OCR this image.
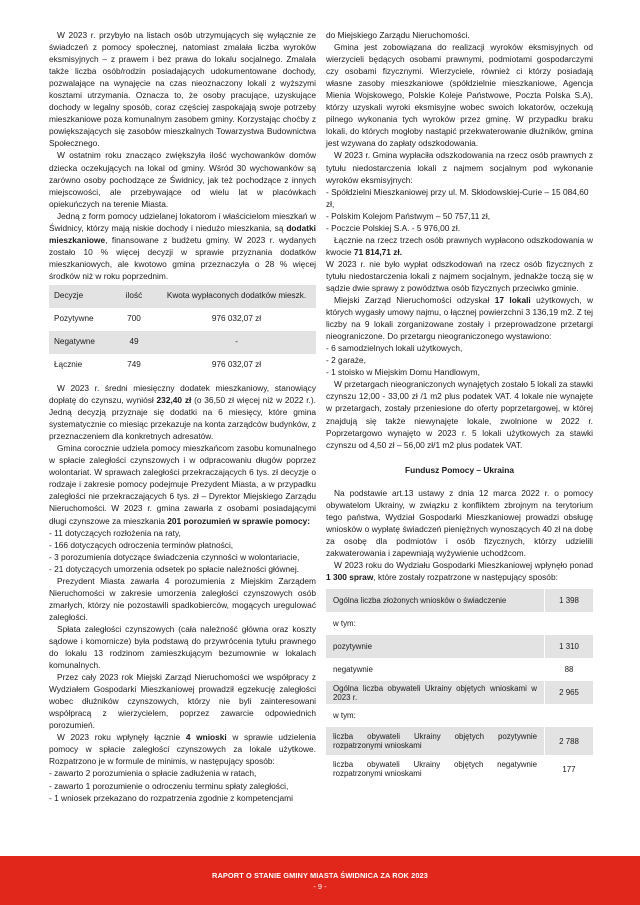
W 2023 r. przybyło na listach osób utrzymujących się wyłącznie ze świadczeń z pomocy społecznej, natomiast zmalała liczba wyroków eksmisyjnych – z prawem i bez prawa do lokalu socjalnego. Zmalała także liczba osób/rodzin posiadających udokumentowane dochody, pozwalające na wynajęcie na czas nieoznaczony lokali z wyższymi kosztami utrzymania. Oznacza to, że osoby pracujące, uzyskujące dochody w legalny sposób, coraz częściej zaspokajają swoje potrzeby mieszkaniowe poza komunalnym zasobem gminy. Korzystając choćby z powiększających się zasobów mieszkalnych Towarzystwa Budownictwa Społecznego.

W ostatnim roku znacząco zwiększyła ilość wychowanków domów dziecka oczekujących na lokal od gminy. Wśród 30 wychowanków są zarówno osoby pochodzące ze Świdnicy, jak też pochodzące z innych miejscowości, ale przebywające od wielu lat w placówkach opiekuńczych na terenie Miasta.

Jedną z form pomocy udzielanej lokatorom i właścicielom mieszkań w Świdnicy, którzy mają niskie dochody i niedużo mieszkania, są dodatki mieszkaniowe, finansowane z budżetu gminy. W 2023 r. wydanych zostało 10 % więcej decyzji w sprawie przyznania dodatków mieszkaniowych, ale kwotowo gmina przeznaczyła o 28 % więcej środków niż w roku poprzednim.

Decyzje	ilość	Kwota wypłaconych dodatków mieszk.
Pozytywne	700	976 032,07 zł
Negatywne	49	-
Łącznie	749	976 032,07 zł

W 2023 r. średni miesięczny dodatek mieszkaniowy, stanowiący dopłatę do czynszu, wyniósł 232,40 zł (o 36,50 zł więcej niż w 2022 r.). Jedną decyzją przyznaje się dodatki na 6 miesięcy, które gmina systematycznie co miesiąc przekazuje na konta zarządców budynków, z przeznaczeniem dla konkretnych adresatów.

Gmina corocznie udziela pomocy mieszkańcom zasobu komunalnego w spłacie zaległości czynszowych i w odpracowaniu długów poprzez wolontariat. W sprawach zaległości przekraczających 6 tys. zł decyzje o rodzaje i zakresie pomocy podejmuje Prezydent Miasta, a w przypadku zaległości nie przekraczających 6 tys. zł – Dyrektor Miejskiego Zarządu Nieruchomości. W 2023 r. gmina zawarła z osobami posiadającymi długi czynszowe za mieszkania 201 porozumień w sprawie pomocy:

- 11 dotyczących rozłożenia na raty,

- 166 dotyczących odroczenia terminów płatności,

- 3 porozumienia dotyczące świadczenia czynności w wolontariacie,

- 21 dotyczących umorzenia odsetek po spłacie należności głównej.

Prezydent Miasta zawarła 4 porozumienia z Miejskim Zarządem Nieruchomości w zakresie umorzenia zaległości czynszowych osób zmarłych, którzy nie pozostawili spadkobierców, mogących uregulować zaległości.

Spłata zaległości czynszowych (cała należność główna oraz koszty sądowe i komornicze) była podstawą do przywrócenia tytułu prawnego do lokalu 13 rodzinom zamieszkującym bezumownie w lokalach komunalnych.

Przez cały 2023 rok Miejski Zarząd Nieruchomości we współpracy z Wydziałem Gospodarki Mieszkaniowej prowadził egzekucję zaległości wobec dłużników czynszowych, którzy nie byli zainteresowani współpracą z wierzycielem, poprzez zawarcie odpowiednich porozumień.

W 2023 roku wpłynęły łącznie 4 wnioski w sprawie udzielenia pomocy w spłacie zaległości czynszowych za lokale użytkowe. Rozpatrzono je w formule de minimis, w następujący sposób:

- zawarto 2 porozumienia o spłacie zadłużenia w ratach,

- zawarto 1 porozumienie o odroczeniu terminu spłaty zaległości,

- 1 wniosek przekazano do rozpatrzenia zgodnie z kompetencjami

do Miejskiego Zarządu Nieruchomości.

Gmina jest zobowiązana do realizacji wyroków eksmisyjnych od wierzycieli będących osobami prawnymi, podmiotami gospodarczymi czy osobami fizycznymi. Wierzyciele, również ci którzy posiadają własne zasoby mieszkaniowe (spółdzielnie mieszkaniowe, Agencja Mienia Wojskowego, Polskie Koleje Państwowe, Poczta Polska S.A), którzy uzyskali wyroki eksmisyjne wobec swoich lokatorów, oczekują pilnego wykonania tych wyroków przez gminę. W przypadku braku lokali, do których mogłoby nastąpić przekwaterowanie dłużników, gmina jest wzywana do zapłaty odszkodowania.

W 2023 r. Gmina wypłaciła odszkodowania na rzecz osób prawnych z tytułu niedostarczenia lokali z najmem socjalnym pod wykonanie wyroków eksmisyjnych:

- Spółdzielni Mieszkaniowej przy ul. M. Skłodowskiej-Curie – 15 084,60 zł,

- Polskim Kolejom Państwym – 50 757,11 zł,

- Poczcie Polskiej S.A. - 5 976,00 zł.

Łącznie na rzecz trzech osób prawnych wypłacono odszkodowania w kwocie 71 814,71 zł.

W 2023 r. nie było wypłat odszkodowań na rzecz osób fizycznych z tytułu niedostarczenia lokali z najmem socjalnym, jednakże toczą się w sądzie dwie sprawy z powództwa osób fizycznych przeciwko gminie.

Miejski Zarząd Nieruchomości odzyskał 17 lokali użytkowych, w których wygasły umowy najmu, o łącznej powierzchni 3 136,19 m2. Z tej liczby na 9 lokali zorganizowane zostały i przeprowadzone przetargi nieograniczone. Do przetargu nieograniczonego wystawiono:

- 6 samodzielnych lokali użytkowych,

- 2 garaże,

- 1 stoisko w Miejskim Domu Handlowym,

W przetargach nieograniczonych wynajętych zostało 5 lokali za stawki czynszu 12,00 - 33,00 zł /1 m2 plus podatek VAT. 4 lokale nie wynajęte w przetargach, zostały przeniesione do oferty poprzetargowej, w której znajdują się także niewynajęte lokale, zwolnione w 2022 r. Poprzetargowo wynajęto w 2023 r. 5 lokali użytkowych za stawki czynszu od 4,50 zł – 56,00 zł/1 m2 plus podatek VAT.

Fundusz Pomocy – Ukraina

Na podstawie art.13 ustawy z dnia 12 marca 2022 r. o pomocy obywatelom Ukrainy, w związku z konfliktem zbrojnym na terytorium tego państwa, Wydział Gospodarki Mieszkaniowej prowadzi obsługę wniosków o wypłatę świadczeń pieniężnych wynoszących 40 zł na dobę za osobę dla podmiotów i osób fizycznych, którzy udzielili zakwaterowania i zapewniają wyżywienie uchodźcom.

W 2023 roku do Wydziału Gospodarki Mieszkaniowej wpłynęło ponad 1 300 spraw, które zostały rozpatrzone w następujący sposób:

Ogólna liczba złożonych wniosków o świadczenie	1 398
w tym:	
pozytywnie	1 310
negatywnie	88
Ogólna liczba obywateli Ukrainy objętych wnioskami w 2023 r.	2 965
w tym:	
liczba obywateli Ukrainy objętych pozytywnie rozpatrzonymi wnioskami	2 788
liczba obywateli Ukrainy objętych negatywnie rozpatrzonymi wnioskami	177
RAPORT O STANIE GMINY MIASTA ŚWIDNICA ZA ROK 2023
- 9 -
